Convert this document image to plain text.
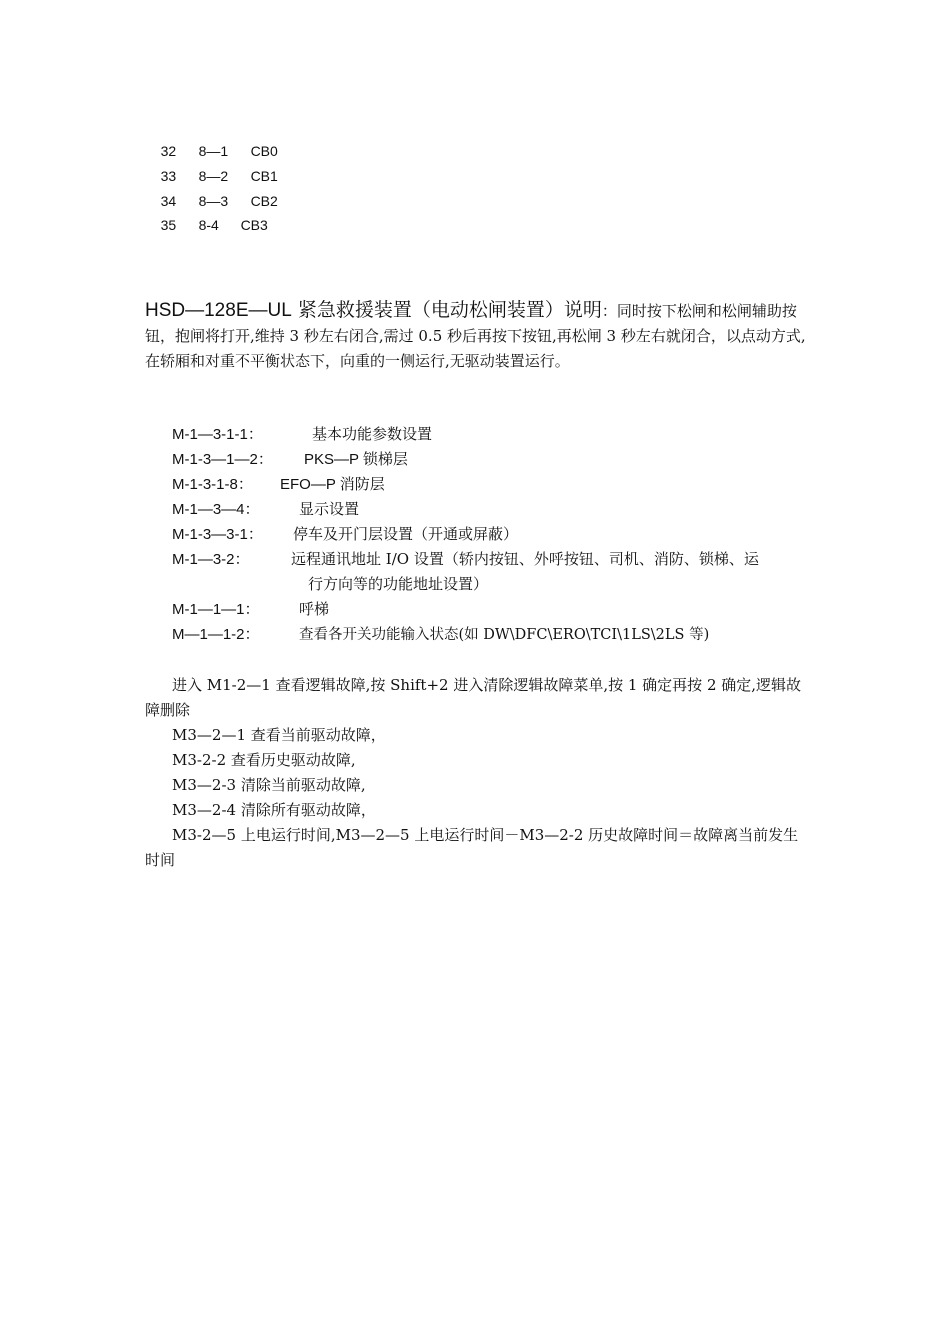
32 8—1 CB0

33 8—2 CB1

34 8—3 CB2

35 8-4 CB3

HSD—128E—UL 紧急救援装置（电动松闸装置）说明：同时按下松闸和松闸辅助按钮，抱闸将打开,维持 3 秒左右闭合,需过 0.5 秒后再按下按钮,再松闸 3 秒左右就闭合，以点动方式,在轿厢和对重不平衡状态下，向重的一侧运行,无驱动装置运行。
M-1—3-1-1：	基本功能参数设置
M-1-3—1—2： PKS—P 锁梯层
M-1-3-1-8： EFO—P 消防层
M-1—3—4：	显示设置
M-1-3—3-1： 停车及开门层设置（开通或屏蔽）
M-1—3-2：	远程通讯地址 I/O 设置（轿内按钮、外呼按钮、司机、消防、锁梯、运
行方向等的功能地址设置）
M-1—1—1：	呼梯
M—1—1-2：	查看各开关功能输入状态(如 DW\DFC\ERO\TCI\1LS\2LS 等)
进入 M1-2—1 查看逻辑故障,按 Shift+2 进入清除逻辑故障菜单,按 1 确定再按 2 确定,逻辑故障删除
M3—2—1 查看当前驱动故障，
M3-2-2 查看历史驱动故障,
M3—2-3 清除当前驱动故障,
M3—2-4 清除所有驱动故障，
M3-2—5 上电运行时间,M3—2—5 上电运行时间－M3—2-2 历史故障时间＝故障离当前发生时间
